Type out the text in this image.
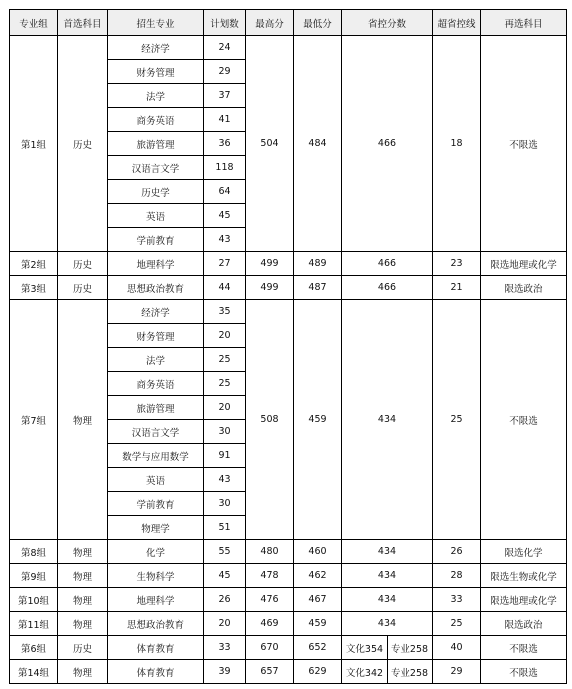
专业组	首选科目	招生专业	计划数	最高分	最低分	省控分数	超省控线	再选科目
第1组	历史	经济学	24	504	484	466	18	不限选
		财务管理	29					
		法学	37					
		商务英语	41					
		旅游管理	36					
		汉语言文学	118					
		历史学	64					
		英语	45					
		学前教育	43					
第2组	历史	地理科学	27	499	489	466	23	限选地理或化学
第3组	历史	思想政治教育	44	499	487	466	21	限选政治
第7组	物理	经济学	35	508	459	434	25	不限选
		财务管理	20					
		法学	25					
		商务英语	25					
		旅游管理	20					
		汉语言文学	30					
		数学与应用数学	91					
		英语	43					
		学前教育	30					
		物理学	51					
第8组	物理	化学	55	480	460	434	26	限选化学
第9组	物理	生物科学	45	478	462	434	28	限选生物或化学
第10组	物理	地理科学	26	476	467	434	33	限选地理或化学
第11组	物理	思想政治教育	20	469	459	434	25	限选政治
第6组	历史	体育教育	33	670	652	文化354 专业258	40	不限选
第14组	物理	体育教育	39	657	629	文化342 专业258	29	不限选
